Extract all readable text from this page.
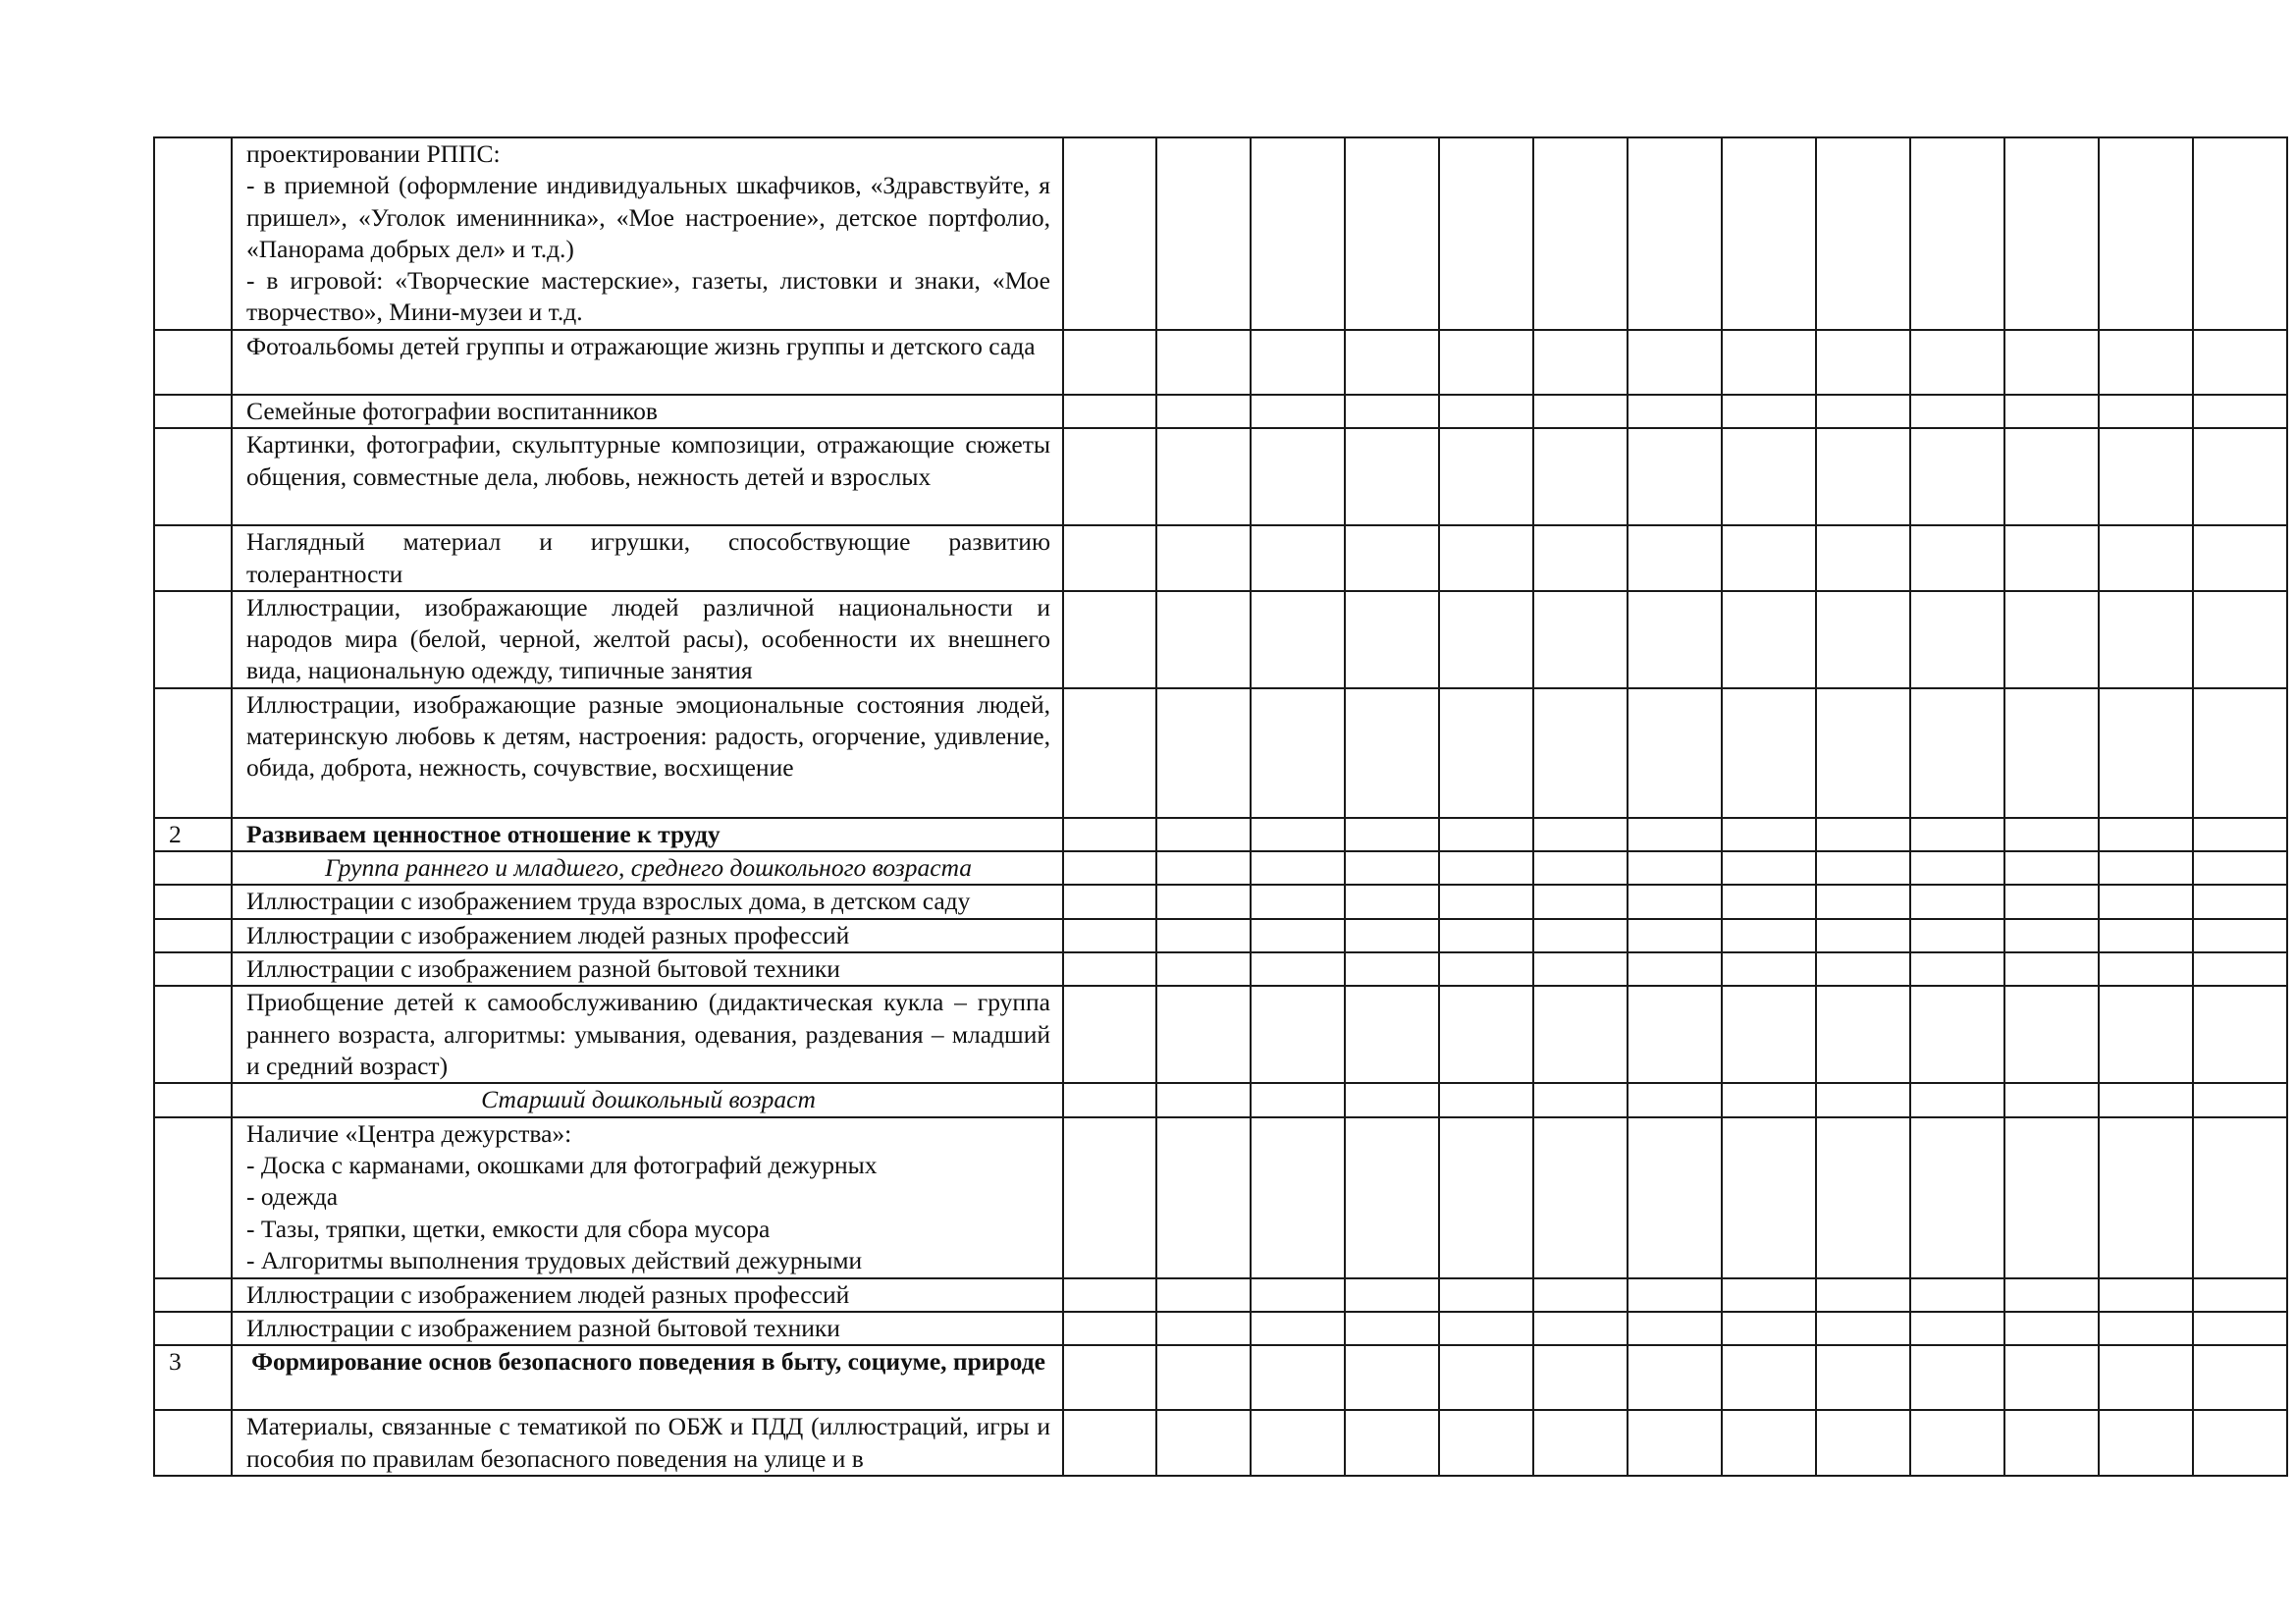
	проектировании РППС:
- в приемной (оформление индивидуальных шкафчиков, «Здравствуйте, я пришел», «Уголок именинника», «Мое настроение», детское портфолио, «Панорама добрых дел» и т.д.)
- в игровой: «Творческие мастерские», газеты, листовки и знаки, «Мое творчество», Мини-музеи и т.д.													

	Фотоальбомы детей группы и отражающие жизнь группы и детского сада													

	Семейные фотографии воспитанников													

	Картинки, фотографии, скульптурные композиции, отражающие сюжеты общения, совместные дела, любовь, нежность детей и взрослых													

	Наглядный материал и игрушки, способствующие развитию толерантности													

	Иллюстрации, изображающие людей различной национальности и народов мира (белой, черной, желтой расы), особенности их внешнего вида, национальную одежду, типичные занятия													

	Иллюстрации, изображающие разные эмоциональные состояния людей, материнскую любовь к детям, настроения: радость, огорчение, удивление, обида, доброта, нежность, сочувствие, восхищение													

2	Развиваем ценностное отношение к труду													

	Группа раннего и младшего, среднего дошкольного возраста													

	Иллюстрации с изображением труда взрослых дома, в детском саду													

	Иллюстрации с изображением людей разных профессий													

	Иллюстрации с изображением разной бытовой техники													

	Приобщение детей к самообслуживанию (дидактическая кукла – группа раннего возраста, алгоритмы: умывания, одевания, раздевания – младший и средний возраст)													

	Старший дошкольный возраст													

	Наличие «Центра дежурства»:
- Доска с карманами, окошками для фотографий дежурных
- одежда
- Тазы, тряпки, щетки, емкости для сбора мусора
- Алгоритмы выполнения трудовых действий дежурными													

	Иллюстрации с изображением людей разных профессий													

	Иллюстрации с изображением разной бытовой техники													

3	Формирование основ безопасного поведения в быту, социуме, природе													

	Материалы, связанные с тематикой по ОБЖ и ПДД (иллюстраций, игры и пособия по правилам безопасного поведения на улице и в													
